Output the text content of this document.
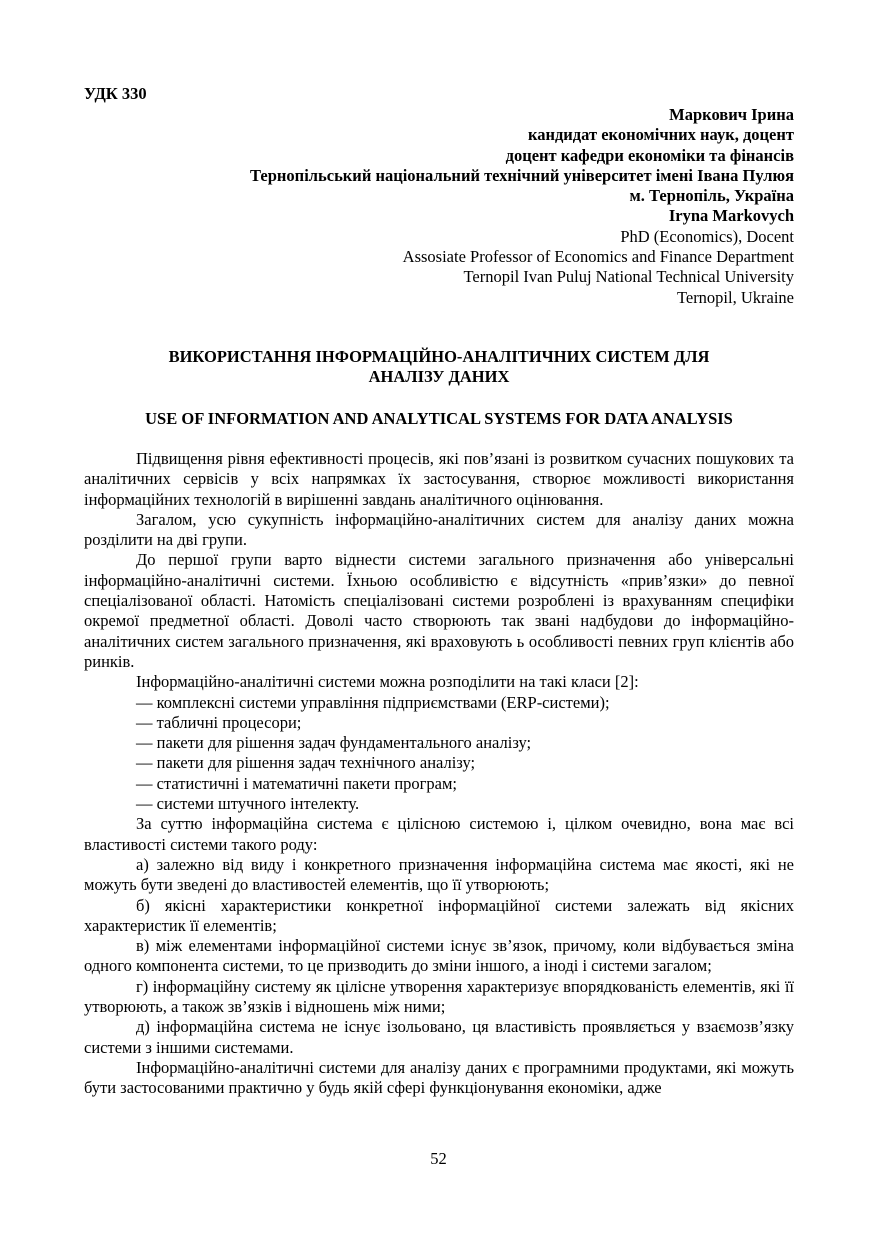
УДК 330
Маркович Ірина
кандидат економічних наук, доцент
доцент кафедри економіки та фінансів
Тернопільський національний технічний університет імені Івана Пулюя
м. Тернопіль, Україна
Iryna Markovych
PhD (Economics), Docent
Assosiate Professor of Economics and Finance Department
Ternopil Ivan Puluj National Technical University
Ternopil, Ukraine
ВИКОРИСТАННЯ ІНФОРМАЦІЙНО-АНАЛІТИЧНИХ СИСТЕМ ДЛЯ
АНАЛІЗУ ДАНИХ
USE OF INFORMATION AND ANALYTICAL SYSTEMS FOR DATA ANALYSIS

Підвищення рівня ефективності процесів, які пов’язані із розвитком сучасних пошукових та аналітичних сервісів у всіх напрямках їх застосування, створює можливості використання інформаційних технологій в вирішенні завдань аналітичного оцінювання.

Загалом, усю сукупність інформаційно-аналітичних систем для аналізу даних можна розділити на дві групи.

До першої групи варто віднести системи загального призначення або універсальні інформаційно-аналітичні системи. Їхньою особливістю є відсутність «прив’язки» до певної спеціалізованої області. Натомість спеціалізовані системи розроблені із врахуванням специфіки окремої предметної області. Доволі часто створюють так звані надбудови до інформаційно-аналітичних систем загального призначення, які враховують ь особливості певних груп клієнтів або ринків.

Інформаційно-аналітичні системи можна розподілити на такі класи [2]:

— комплексні системи управління підприємствами (ERP-системи);

— табличні процесори;

— пакети для рішення задач фундаментального аналізу;

— пакети для рішення задач технічного аналізу;

— статистичні і математичні пакети програм;

— системи штучного інтелекту.

За суттю інформаційна система є цілісною системою і, цілком очевидно, вона має всі властивості системи такого роду:

а) залежно від виду і конкретного призначення інформаційна система має якості, які не можуть бути зведені до властивостей елементів, що її утворюють;

б) якісні характеристики конкретної інформаційної системи залежать від якісних характеристик її елементів;

в) між елементами інформаційної системи існує зв’язок, причому, коли відбувається зміна одного компонента системи, то це призводить до зміни іншого, а іноді і системи загалом;

г) інформаційну систему як цілісне утворення характеризує впорядкованість елементів, які її утворюють, а також зв’язків і відношень між ними;

д) інформаційна система не існує ізольовано, ця властивість проявляється у взаємозв’язку системи з іншими системами.

Інформаційно-аналітичні системи для аналізу даних є програмними продуктами, які можуть бути застосованими практично у будь якій сфері функціонування економіки, адже

52
